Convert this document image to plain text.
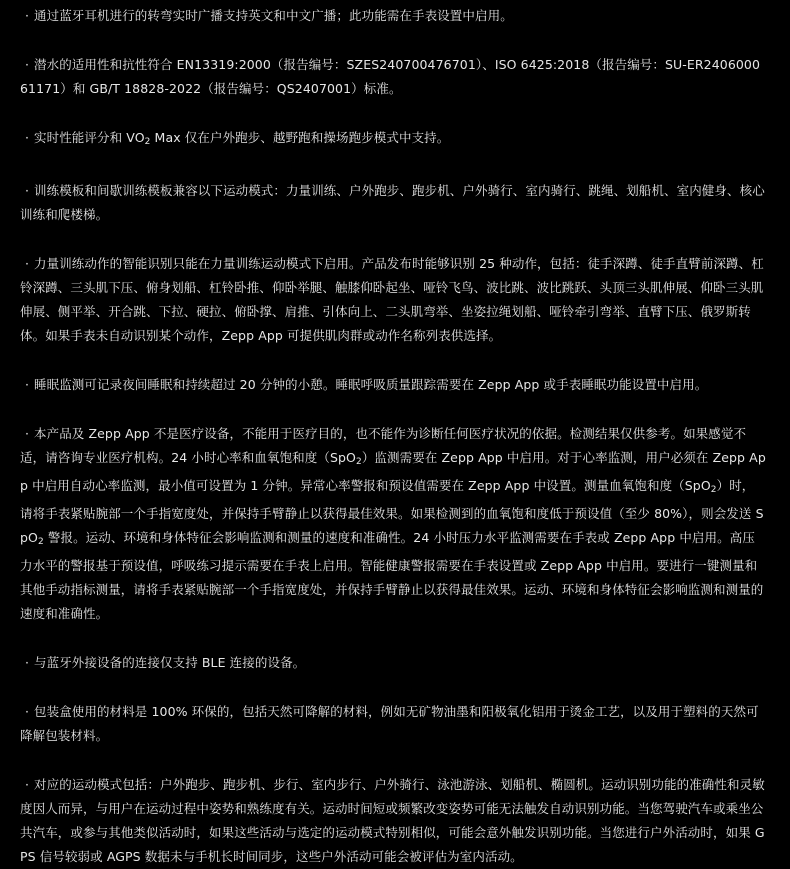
· 通过蓝牙耳机进行的转弯实时广播支持英文和中文广播；此功能需在手表设置中启用。

· 潜水的适用性和抗性符合 EN13319:2000（报告编号：SZES240700476701）、ISO 6425:2018（报告编号：SU-ER240600061171）和 GB/T 18828-2022（报告编号：QS2407001）标准。

· 实时性能评分和 $VO_2$ Max 仅在户外跑步、越野跑和操场跑步模式中支持。

· 训练模板和间歇训练模板兼容以下运动模式：力量训练、户外跑步、跑步机、户外骑行、室内骑行、跳绳、划船机、室内健身、核心训练和爬楼梯。

· 力量训练动作的智能识别只能在力量训练运动模式下启用。产品发布时能够识别 25 种动作，包括：徒手深蹲、徒手直臂前深蹲、杠铃深蹲、三头肌下压、俯身划船、杠铃卧推、仰卧举腿、触膝仰卧起坐、哑铃飞鸟、波比跳、波比跳跃、头顶三头肌伸展、仰卧三头肌伸展、侧平举、开合跳、下拉、硬拉、俯卧撑、肩推、引体向上、二头肌弯举、坐姿拉绳划船、哑铃牵引弯举、直臂下压、俄罗斯转体。如果手表未自动识别某个动作，Zepp App 可提供肌肉群或动作名称列表供选择。

· 睡眠监测可记录夜间睡眠和持续超过 20 分钟的小憩。睡眠呼吸质量跟踪需要在 Zepp App 或手表睡眠功能设置中启用。

· 本产品及 Zepp App 不是医疗设备，不能用于医疗目的，也不能作为诊断任何医疗状况的依据。检测结果仅供参考。如果感觉不适，请咨询专业医疗机构。24 小时心率和血氧饱和度（SpO$_2$）监测需要在 Zepp App 中启用。对于心率监测，用户必须在 Zepp App 中启用自动心率监测，最小值可设置为 1 分钟。异常心率警报和预设值需要在 Zepp App 中设置。测量血氧饱和度（SpO$_2$）时，请将手表紧贴腕部一个手指宽度处，并保持手臂静止以获得最佳效果。如果检测到的血氧饱和度低于预设值（至少 80%），则会发送 SpO$_2$ 警报。运动、环境和身体特征会影响监测和测量的速度和准确性。24 小时压力水平监测需要在手表或 Zepp App 中启用。高压力水平的警报基于预设值，呼吸练习提示需要在手表上启用。智能健康警报需要在手表设置或 Zepp App 中启用。要进行一键测量和其他手动指标测量，请将手表紧贴腕部一个手指宽度处，并保持手臂静止以获得最佳效果。运动、环境和身体特征会影响监测和测量的速度和准确性。

· 与蓝牙外接设备的连接仅支持 BLE 连接的设备。

· 包装盒使用的材料是 100% 环保的，包括天然可降解的材料，例如无矿物油墨和阳极氧化铝用于烫金工艺，以及用于塑料的天然可降解包装材料。

· 对应的运动模式包括：户外跑步、跑步机、步行、室内步行、户外骑行、泳池游泳、划船机、椭圆机。运动识别功能的准确性和灵敏度因人而异，与用户在运动过程中姿势和熟练度有关。运动时间短或频繁改变姿势可能无法触发自动识别功能。当您驾驶汽车或乘坐公共汽车，或参与其他类似活动时，如果这些活动与选定的运动模式特别相似，可能会意外触发识别功能。当您进行户外活动时，如果 GPS 信号较弱或 AGPS 数据未与手机长时间同步，这些户外活动可能会被评估为室内活动。
